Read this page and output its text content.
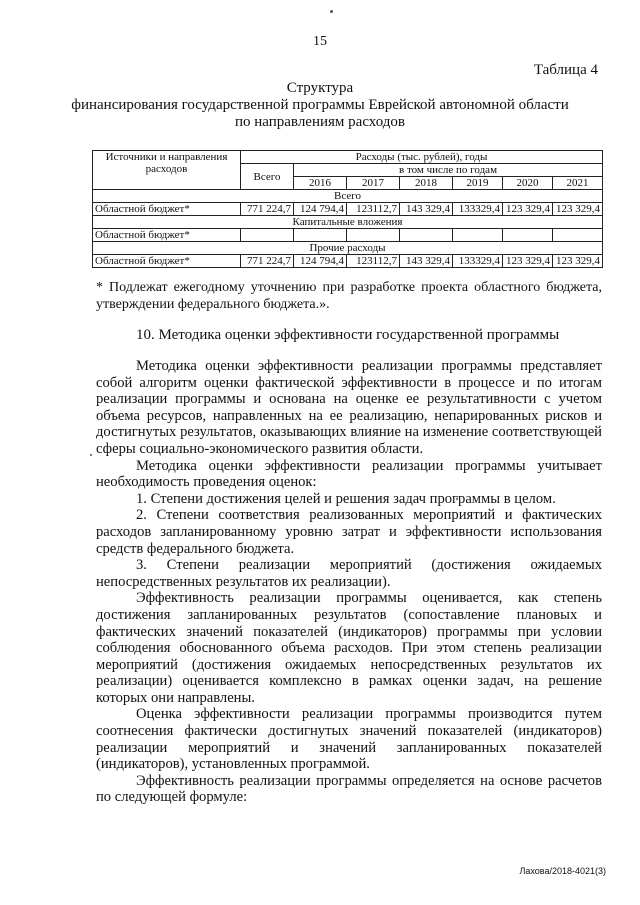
15
Таблица 4
Структура
финансирования государственной программы Еврейской автономной области
по направлениям расходов
Источники и направления расходов	Расходы (тыс. рублей), годы						
	Всего	в том числе по годам					
		2016	2017	2018	2019	2020	2021
Всего							
Областной бюджет*	771 224,7	124 794,4	123112,7	143 329,4	133329,4	123 329,4	123 329,4
Капитальные вложения							
Областной бюджет*							
Прочие расходы							
Областной бюджет*	771 224,7	124 794,4	123112,7	143 329,4	133329,4	123 329,4	123 329,4
* Подлежат ежегодному уточнению при разработке проекта областного бюджета, утверждении федерального бюджета.».
10. Методика оценки эффективности государственной программы

Методика оценки эффективности реализации программы представляет собой алгоритм оценки фактической эффективности в процессе и по итогам реализации программы и основана на оценке ее результативности с учетом объема ресурсов, направленных на ее реализацию, непарированных рисков и достигнутых результатов, оказывающих влияние на изменение соответствующей сферы социально-экономического развития области.

Методика оценки эффективности реализации программы учитывает необходимость проведения оценок:

1. Степени достижения целей и решения задач программы в целом.

2. Степени соответствия реализованных мероприятий и фактических расходов запланированному уровню затрат и эффективности использования средств федерального бюджета.

3. Степени реализации мероприятий (достижения ожидаемых непосредственных результатов их реализации).

Эффективность реализации программы оценивается, как степень достижения запланированных результатов (сопоставление плановых и фактических значений показателей (индикаторов) программы при условии соблюдения обоснованного объема расходов. При этом степень реализации мероприятий (достижения ожидаемых непосредственных результатов их реализации) оценивается комплексно в рамках оценки задач, на решение которых они направлены.

Оценка эффективности реализации программы производится путем соотнесения фактически достигнутых значений показателей (индикаторов) реализации мероприятий и значений запланированных показателей (индикаторов), установленных программой.

Эффективность реализации программы определяется на основе расчетов по следующей формуле:

Лахова/2018-4021(3)
